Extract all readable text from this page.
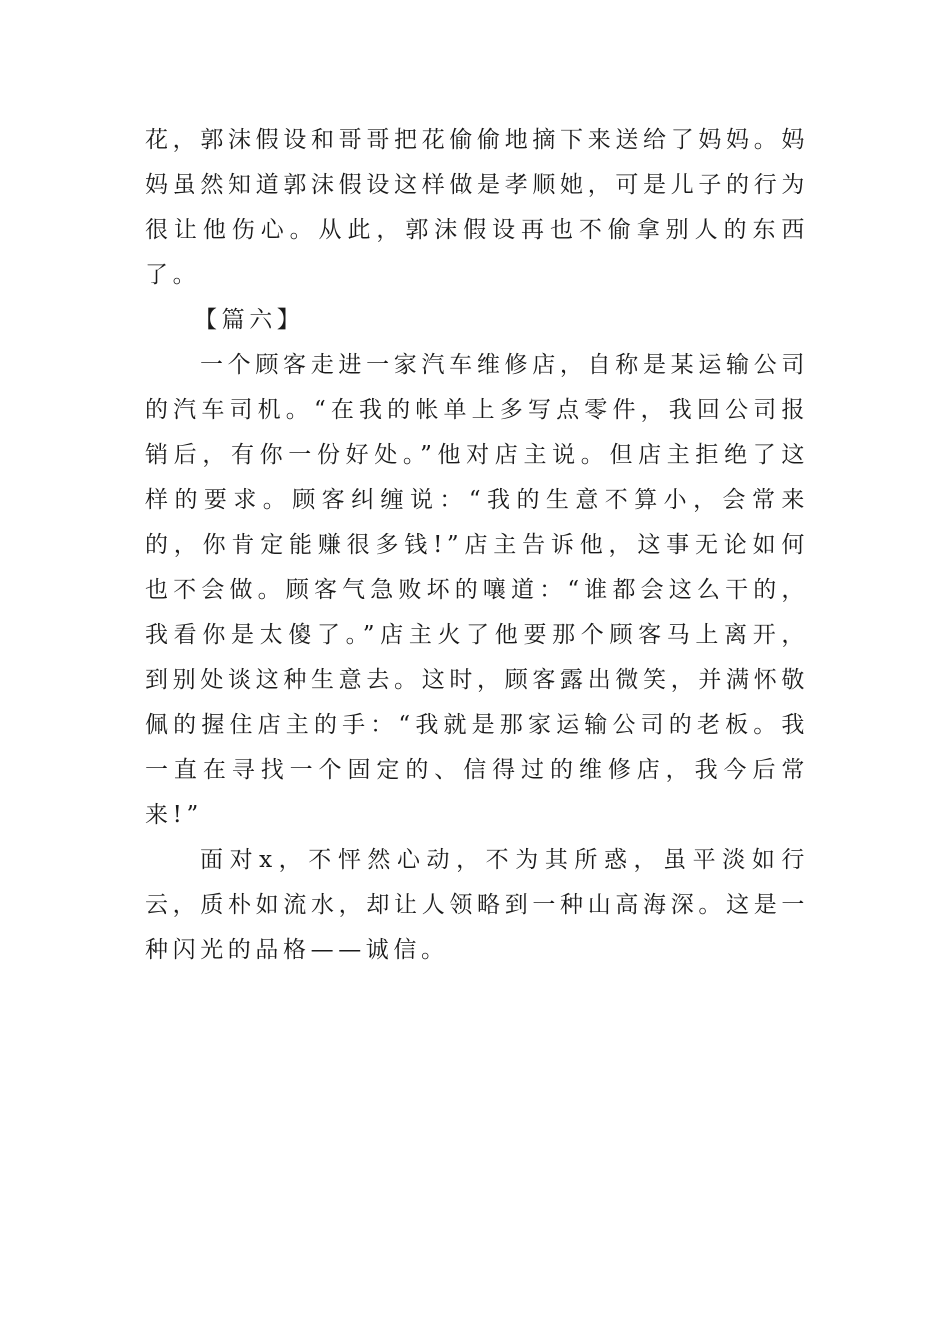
花，郭沫假设和哥哥把花偷偷地摘下来送给了妈妈。妈妈虽然知道郭沫假设这样做是孝顺她，可是儿子的行为很让他伤心。从此，郭沫假设再也不偷拿别人的东西了。

【篇六】

一个顾客走进一家汽车维修店，自称是某运输公司的汽车司机。“在我的帐单上多写点零件，我回公司报销后，有你一份好处。”他对店主说。但店主拒绝了这样的要求。顾客纠缠说：“我的生意不算小，会常来的，你肯定能赚很多钱!”店主告诉他，这事无论如何也不会做。顾客气急败坏的嚷道：“谁都会这么干的，我看你是太傻了。”店主火了他要那个顾客马上离开，到别处谈这种生意去。这时，顾客露出微笑，并满怀敬佩的握住店主的手：“我就是那家运输公司的老板。我一直在寻找一个固定的、信得过的维修店，我今后常来!”

面对x，不怦然心动，不为其所惑，虽平淡如行云，质朴如流水，却让人领略到一种山高海深。这是一种闪光的品格——诚信。
